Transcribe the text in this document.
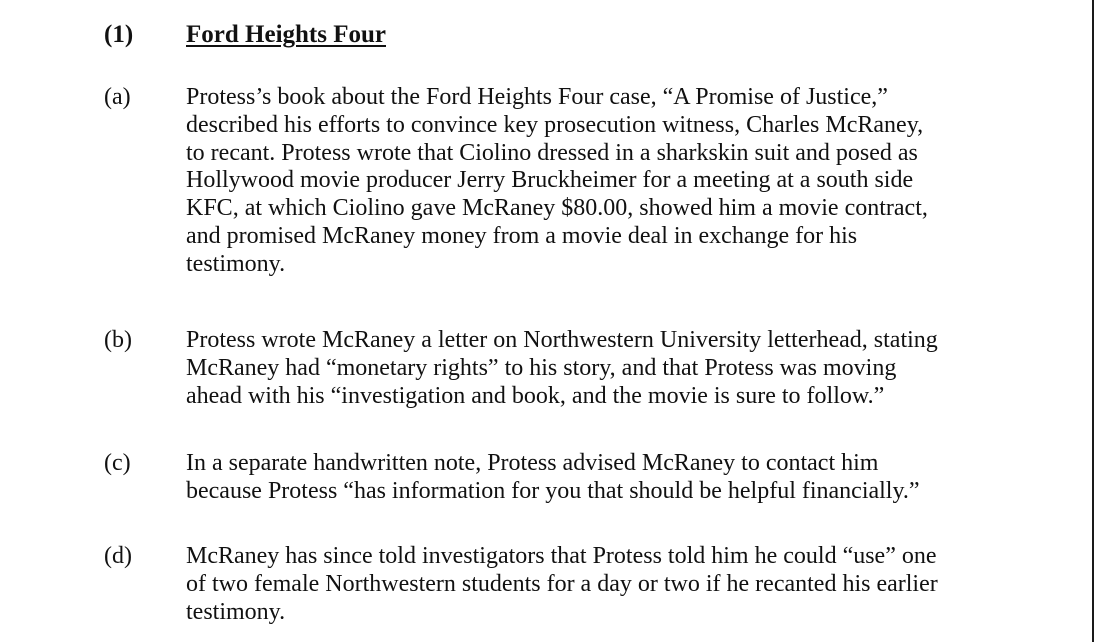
(1) Ford Heights Four
(a) Protess’s book about the Ford Heights Four case, “A Promise of Justice,”
described his efforts to convince key prosecution witness, Charles McRaney,
to recant. Protess wrote that Ciolino dressed in a sharkskin suit and posed as
Hollywood movie producer Jerry Bruckheimer for a meeting at a south side
KFC, at which Ciolino gave McRaney $80.00, showed him a movie contract,
and promised McRaney money from a movie deal in exchange for his
testimony.
(b) Protess wrote McRaney a letter on Northwestern University letterhead, stating
McRaney had “monetary rights” to his story, and that Protess was moving
ahead with his “investigation and book, and the movie is sure to follow.”
(c) In a separate handwritten note, Protess advised McRaney to contact him
because Protess “has information for you that should be helpful financially.”
(d) McRaney has since told investigators that Protess told him he could “use” one
of two female Northwestern students for a day or two if he recanted his earlier
testimony.
